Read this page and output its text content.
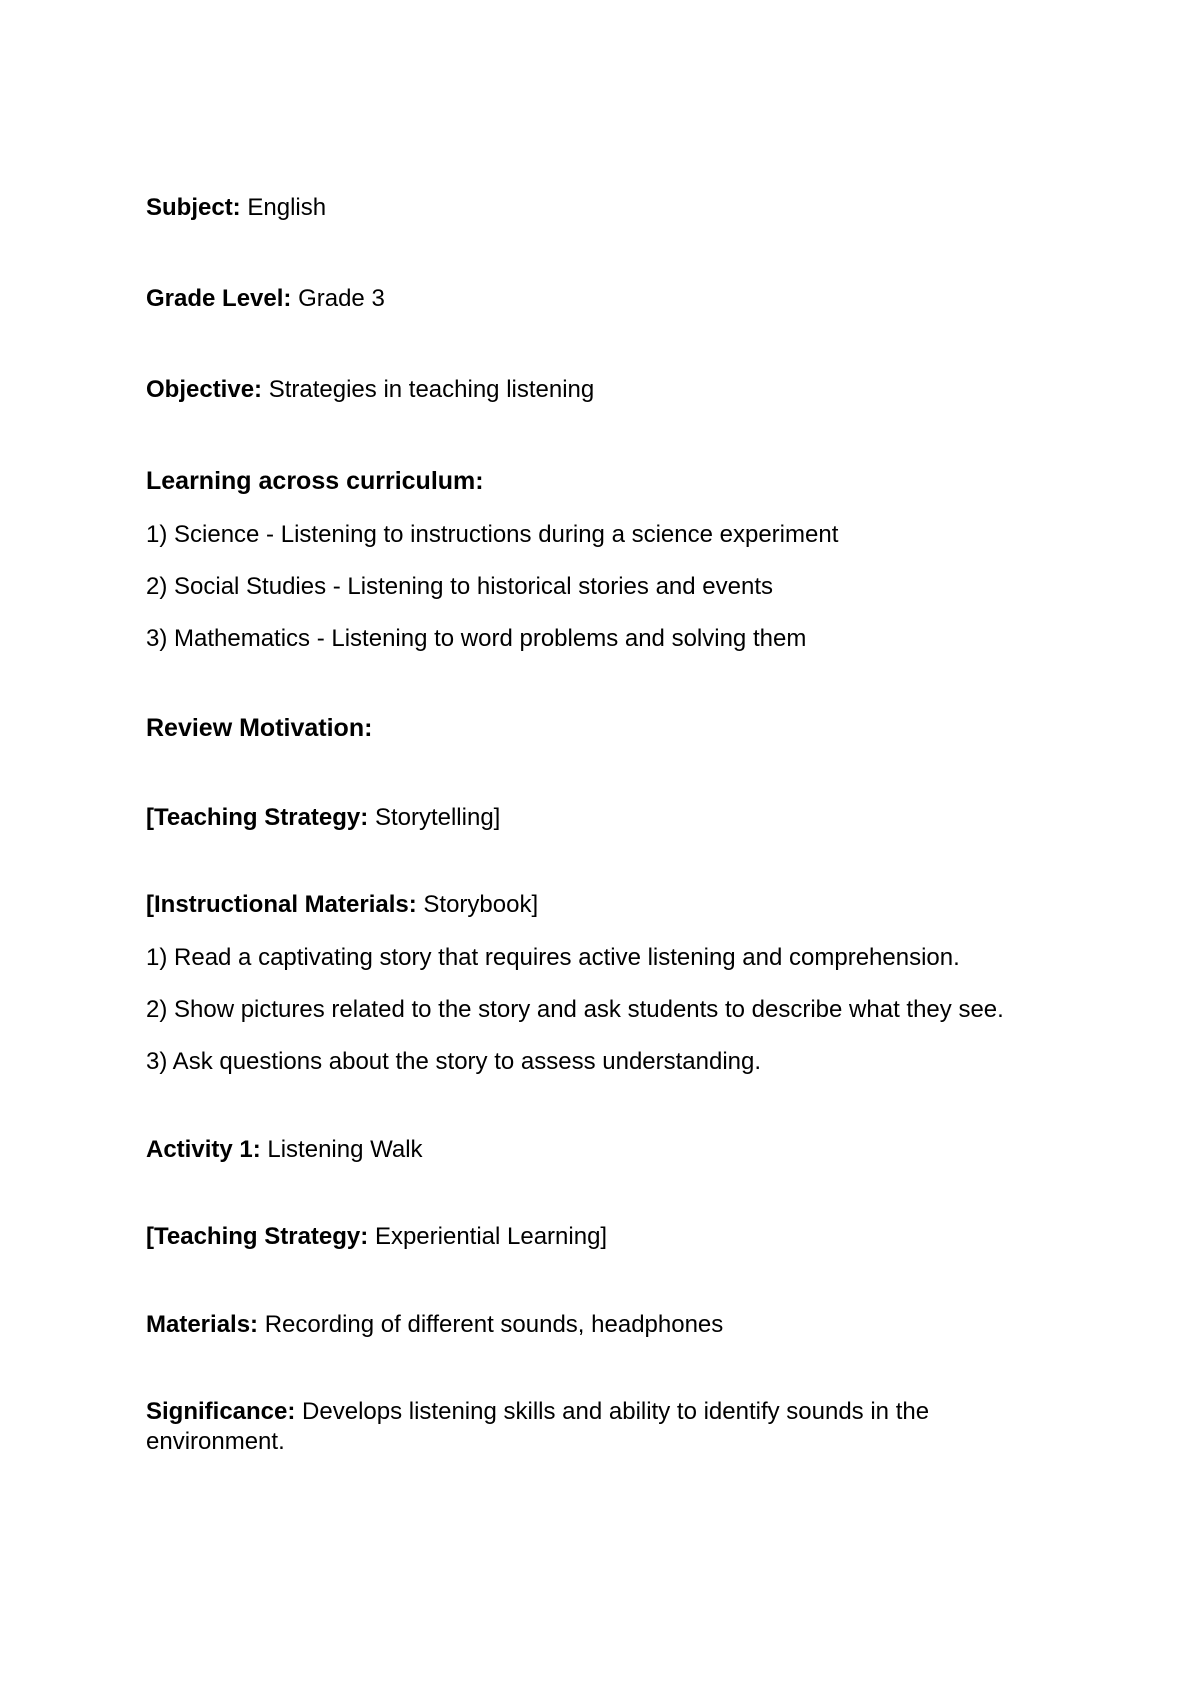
Subject: English
Grade Level: Grade 3
Objective: Strategies in teaching listening
Learning across curriculum:
1) Science - Listening to instructions during a science experiment
2) Social Studies - Listening to historical stories and events
3) Mathematics - Listening to word problems and solving them
Review Motivation:
[Teaching Strategy: Storytelling]
[Instructional Materials: Storybook]
1) Read a captivating story that requires active listening and comprehension.
2) Show pictures related to the story and ask students to describe what they see.
3) Ask questions about the story to assess understanding.
Activity 1: Listening Walk
[Teaching Strategy: Experiential Learning]
Materials: Recording of different sounds, headphones
Significance: Develops listening skills and ability to identify sounds in the environment.
